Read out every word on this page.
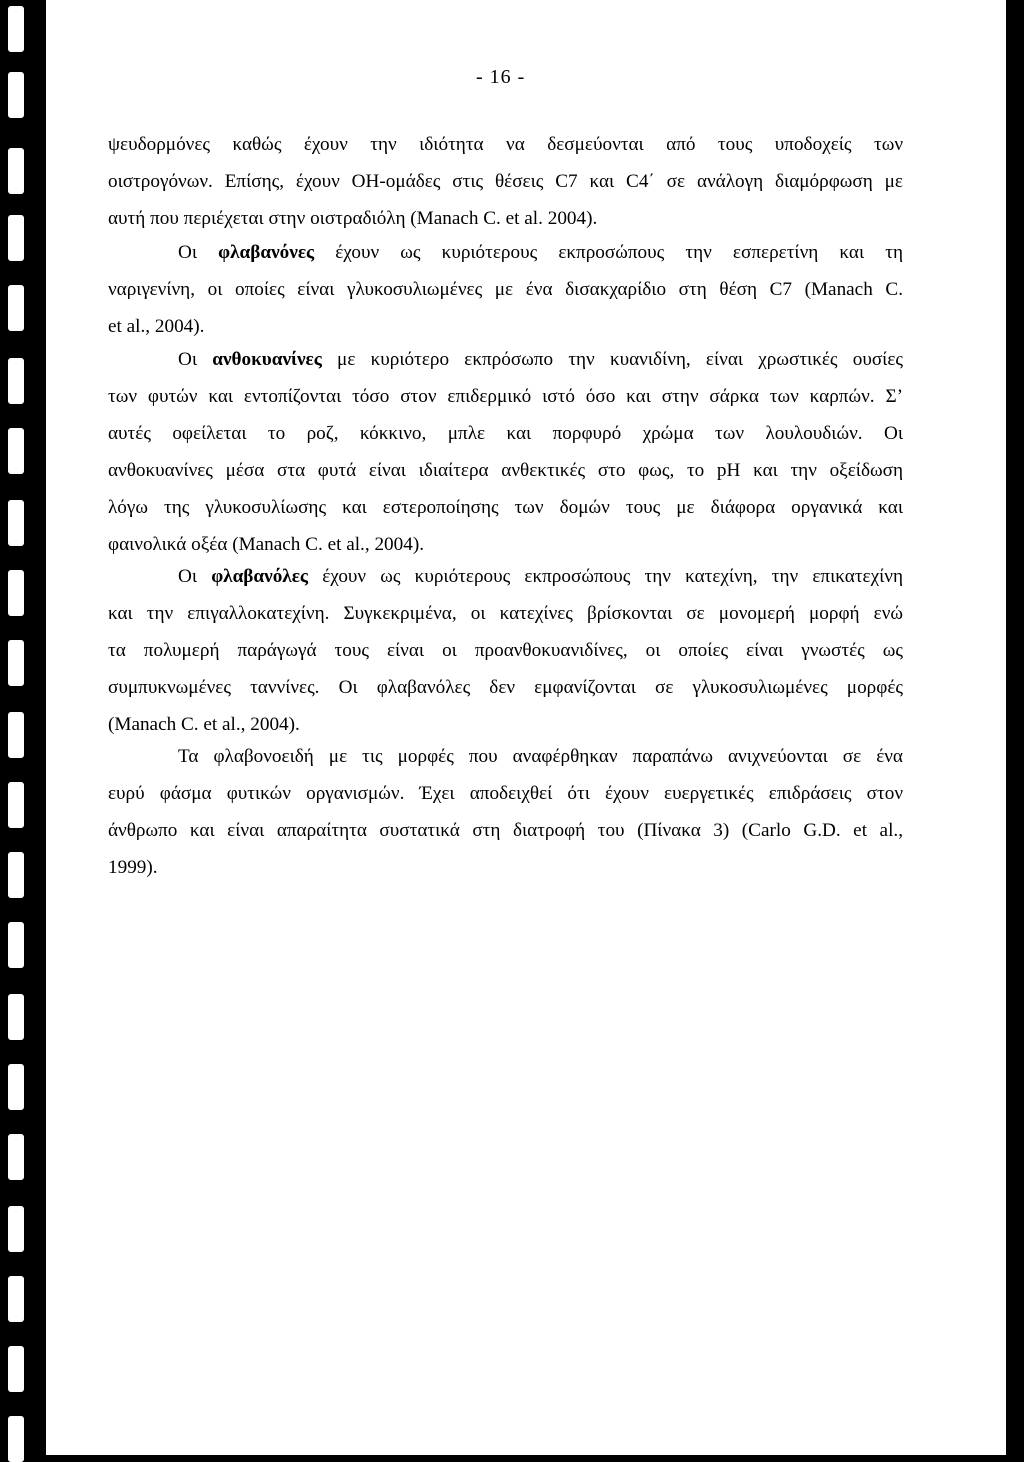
- 16 -

ψευδορμόνες καθώς έχουν την ιδιότητα να δεσμεύονται από τους υποδοχείς των
οιστρογόνων. Επίσης, έχουν ΟΗ-ομάδες στις θέσεις C7 και C4΄ σε ανάλογη διαμόρφωση με
αυτή που περιέχεται στην οιστραδιόλη (Manach C. et al. 2004).

Οι φλαβανόνες έχουν ως κυριότερους εκπροσώπους την εσπερετίνη και τη
ναριγενίνη, οι οποίες είναι γλυκοσυλιωμένες με ένα δισακχαρίδιο στη θέση C7 (Manach C.
et al., 2004).

Οι ανθοκυανίνες με κυριότερο εκπρόσωπο την κυανιδίνη, είναι χρωστικές ουσίες
των φυτών και εντοπίζονται τόσο στον επιδερμικό ιστό όσο και στην σάρκα των καρπών. Σ’
αυτές οφείλεται το ροζ, κόκκινο, μπλε και πορφυρό χρώμα των λουλουδιών. Οι
ανθοκυανίνες μέσα στα φυτά είναι ιδιαίτερα ανθεκτικές στο φως, το pH και την οξείδωση
λόγω της γλυκοσυλίωσης και εστεροποίησης των δομών τους με διάφορα οργανικά και
φαινολικά οξέα (Manach C. et al., 2004).

Οι φλαβανόλες έχουν ως κυριότερους εκπροσώπους την κατεχίνη, την επικατεχίνη
και την επιγαλλοκατεχίνη. Συγκεκριμένα, οι κατεχίνες βρίσκονται σε μονομερή μορφή ενώ
τα πολυμερή παράγωγά τους είναι οι προανθοκυανιδίνες, οι οποίες είναι γνωστές ως
συμπυκνωμένες ταννίνες. Οι φλαβανόλες δεν εμφανίζονται σε γλυκοσυλιωμένες μορφές
(Manach C. et al., 2004).

Τα φλαβονοειδή με τις μορφές που αναφέρθηκαν παραπάνω ανιχνεύονται σε ένα
ευρύ φάσμα φυτικών οργανισμών. Έχει αποδειχθεί ότι έχουν ευεργετικές επιδράσεις στον
άνθρωπο και είναι απαραίτητα συστατικά στη διατροφή του (Πίνακα 3) (Carlo G.D. et al.,
1999).
